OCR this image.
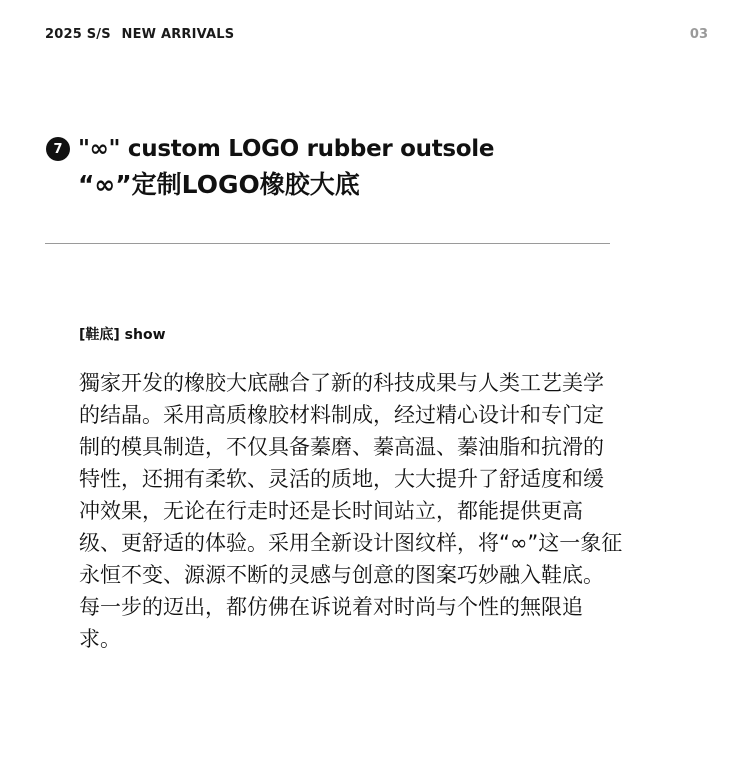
2025 S/S NEW ARRIVALS	03
7 "∞" custom LOGO rubber outsole
“∞”定制LOGO橡胶大底
[鞋底] show

獨家开发的橡胶大底融合了新的科技成果与人类工艺美学的结晶。采用高质橡胶材料制成，经过精心设计和专门定制的模具制造，不仅具备蓁磨、蓁高温、蓁油脂和抗滑的特性，还拥有柔软、灵活的质地，大大提升了舒适度和缓冲效果，无论在行走时还是长时间站立，都能提供更高级、更舒适的体验。采用全新设计图纹样，将“∞”这一象征永恒不变、源源不断的灵感与创意的图案巧妙融入鞋底。每一步的迈出，都仿佛在诉说着对时尚与个性的無限追求。
